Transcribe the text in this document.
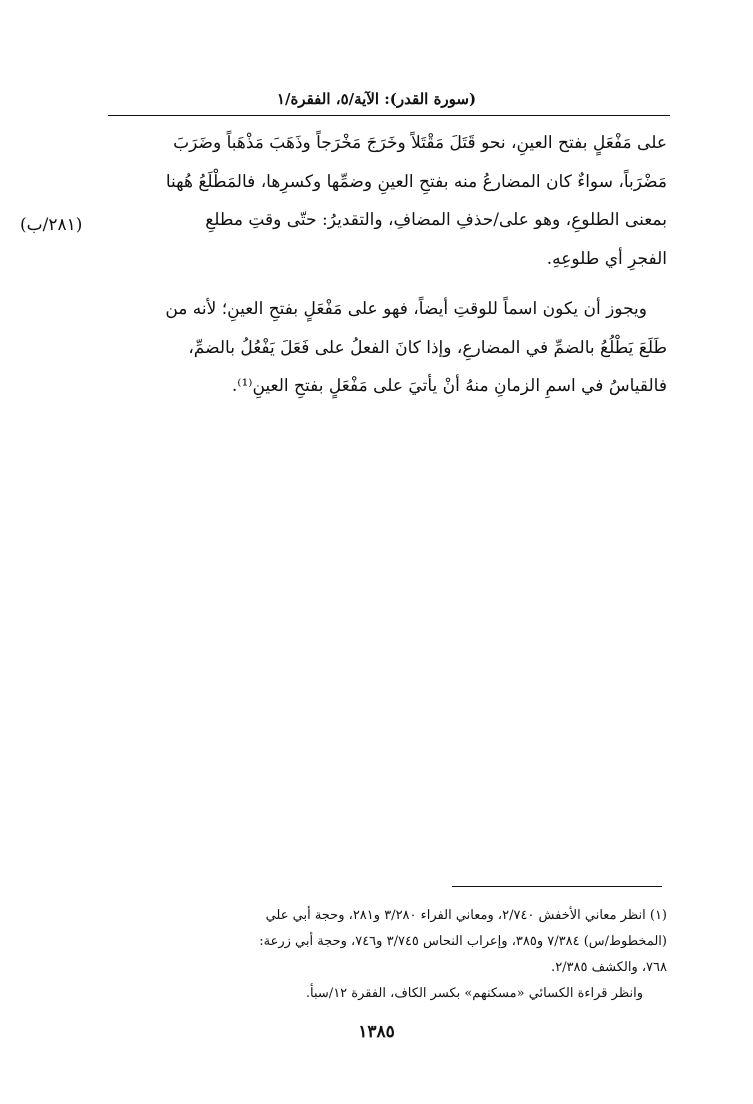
(سورة القدر): الآية/٥، الفقرة/١

على مَفْعَلٍ بفتح العينِ، نحو قَتَلَ مَقْتَلاً وخَرَجَ مَخْرَجاً وذَهَبَ مَذْهَباً وضَرَبَ

مَضْرَباً، سواءٌ كان المضارعُ منه بفتحِ العينِ وضمِّها وكسرِها، فالمَطْلَعُ هُهنا

بمعنى الطلوعِ، وهو على/حذفِ المضافِ، والتقديرُ: حتّى وقتِ مطلعِ

الفجرِ أي طلوعِهِ.

ويجوز أن يكون اسماً للوقتِ أيضاً، فهو على مَفْعَلٍ بفتحِ العينِ؛ لأنه من

طَلَعَ يَطْلُعُ بالضمِّ في المضارعِ، وإذا كانَ الفعلُ على فَعَلَ يَفْعُلُ بالضمِّ،

فالقياسُ في اسمِ الزمانِ منهُ أنْ يأتيَ على مَفْعَلٍ بفتحِ العينِ⁽¹⁾.

(٢٨١/ب)

(١) انظر معاني الأخفش ٢/٧٤٠، ومعاني الفراء ٣/٢٨٠ و٢٨١، وحجة أبي علي

(المخطوط/س) ٧/٣٨٤ و٣٨٥، وإعراب النحاس ٣/٧٤٥ و٧٤٦، وحجة أبي زرعة:

٧٦٨، والكشف ٢/٣٨٥.

وانظر قراءة الكسائي «مسكنهم» بكسر الكاف، الفقرة ١٢/سبأ.

١٣٨٥
